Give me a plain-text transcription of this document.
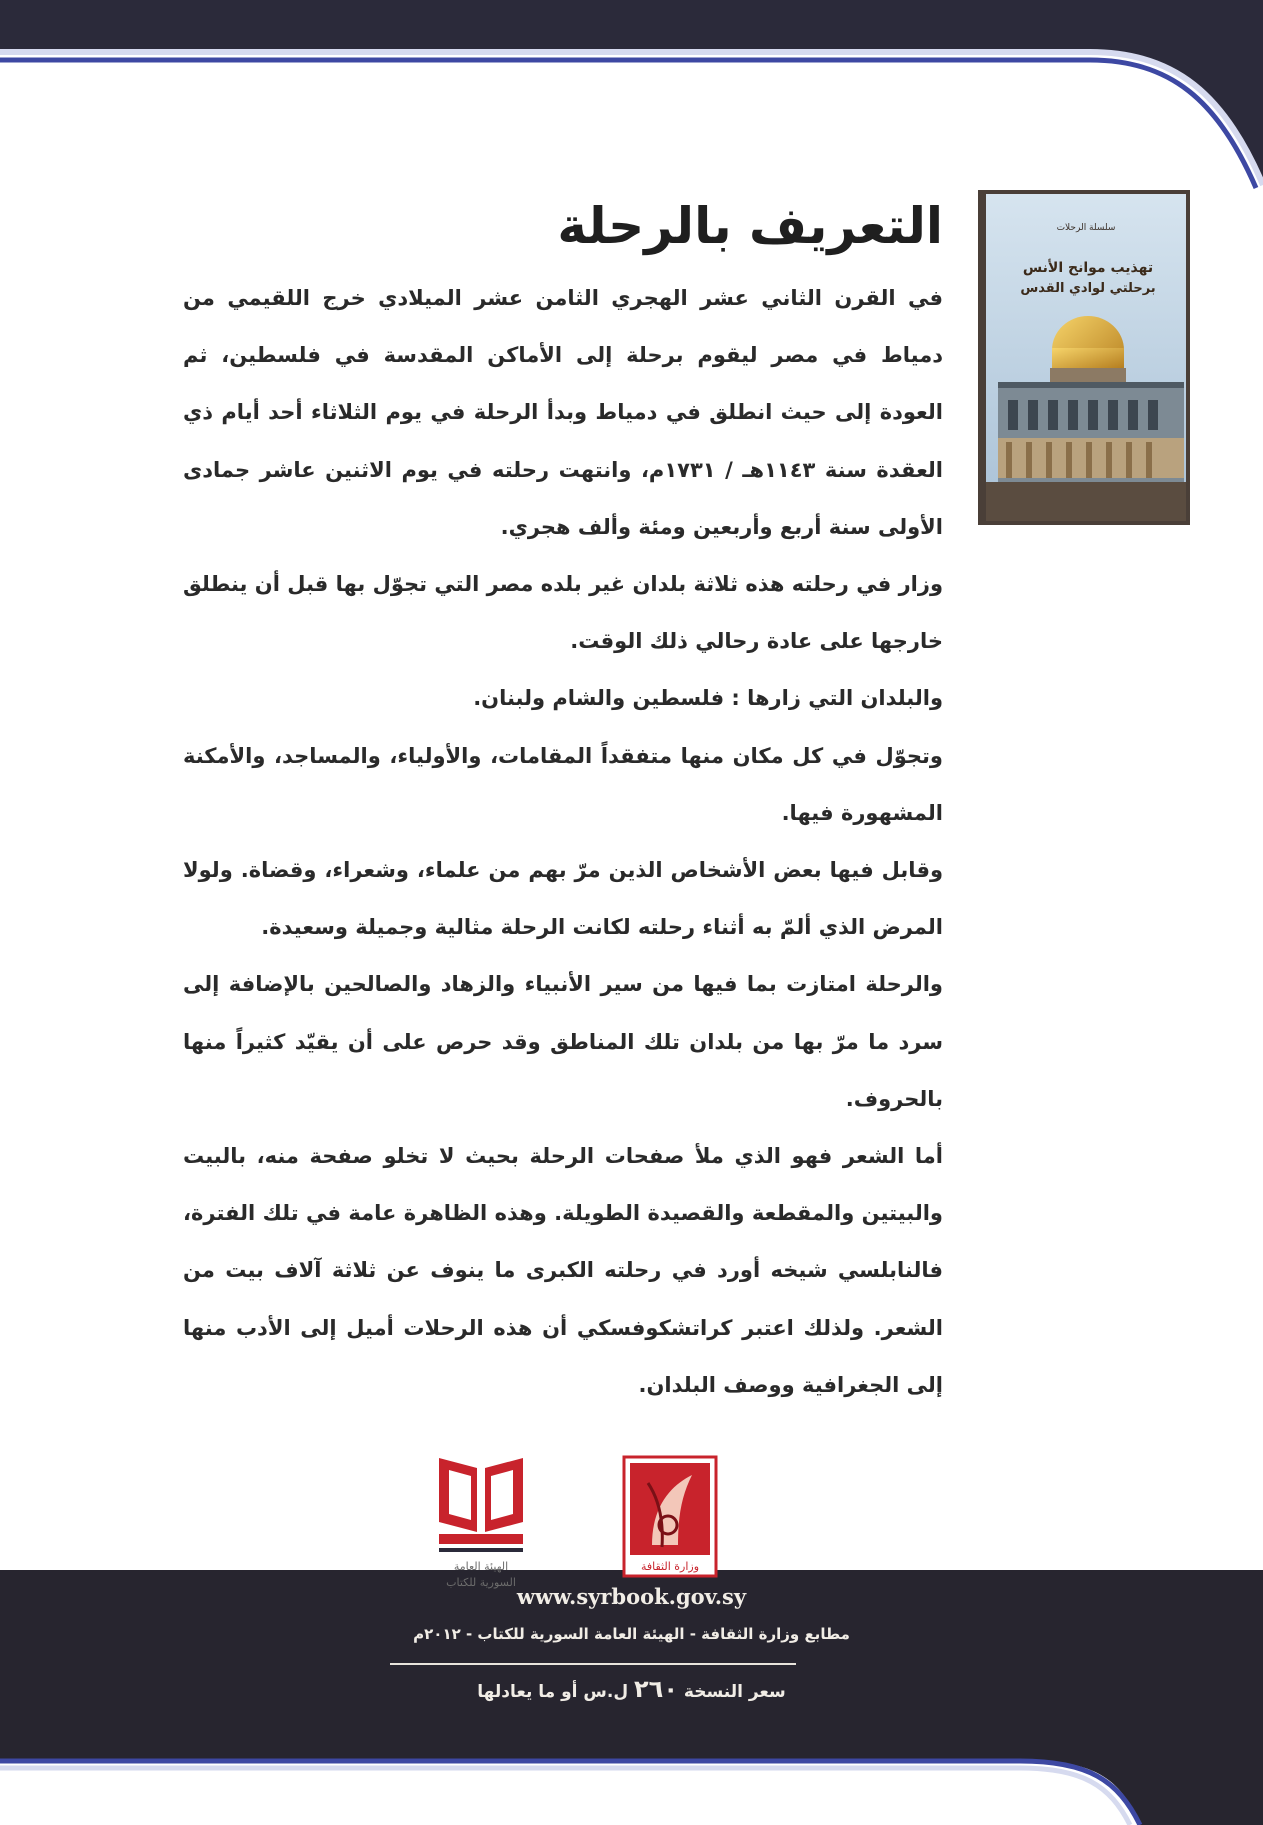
التعريف بالرحلة

في القرن الثاني عشر الهجري الثامن عشر الميلادي خرج اللقيمي من دمياط في مصر ليقوم برحلة إلى الأماكن المقدسة في فلسطين، ثم العودة إلى حيث انطلق في دمياط وبدأ الرحلة في يوم الثلاثاء أحد أيام ذي العقدة سنة ١١٤٣هـ / ١٧٣١م، وانتهت رحلته في يوم الاثنين عاشر جمادى الأولى سنة أربع وأربعين ومئة وألف هجري.

وزار في رحلته هذه ثلاثة بلدان غير بلده مصر التي تجوّل بها قبل أن ينطلق خارجها على عادة رحالي ذلك الوقت.

والبلدان التي زارها : فلسطين والشام ولبنان.

وتجوّل في كل مكان منها متفقداً المقامات، والأولياء، والمساجد، والأمكنة المشهورة فيها.

وقابل فيها بعض الأشخاص الذين مرّ بهم من علماء، وشعراء، وقضاة. ولولا المرض الذي ألمّ به أثناء رحلته لكانت الرحلة مثالية وجميلة وسعيدة.

والرحلة امتازت بما فيها من سير الأنبياء والزهاد والصالحين بالإضافة إلى سرد ما مرّ بها من بلدان تلك المناطق وقد حرص على أن يقيّد كثيراً منها بالحروف.

أما الشعر فهو الذي ملأ صفحات الرحلة بحيث لا تخلو صفحة منه، بالبيت والبيتين والمقطعة والقصيدة الطويلة. وهذه الظاهرة عامة في تلك الفترة، فالنابلسي شيخه أورد في رحلته الكبرى ما ينوف عن ثلاثة آلاف بيت من الشعر. ولذلك اعتبر كراتشكوفسكي أن هذه الرحلات أميل إلى الأدب منها إلى الجغرافية ووصف البلدان.

سلسلة الرحلات
تهذيب موانح الأنس
برحلتي لوادي القدس
الهيئة العامة
السورية للكتاب
وزارة الثقافة
www.syrbook.gov.sy
مطابع وزارة الثقافة - الهيئة العامة السورية للكتاب - ٢٠١٢م
سعر النسخة ٢٦٠ ل.س أو ما يعادلها
